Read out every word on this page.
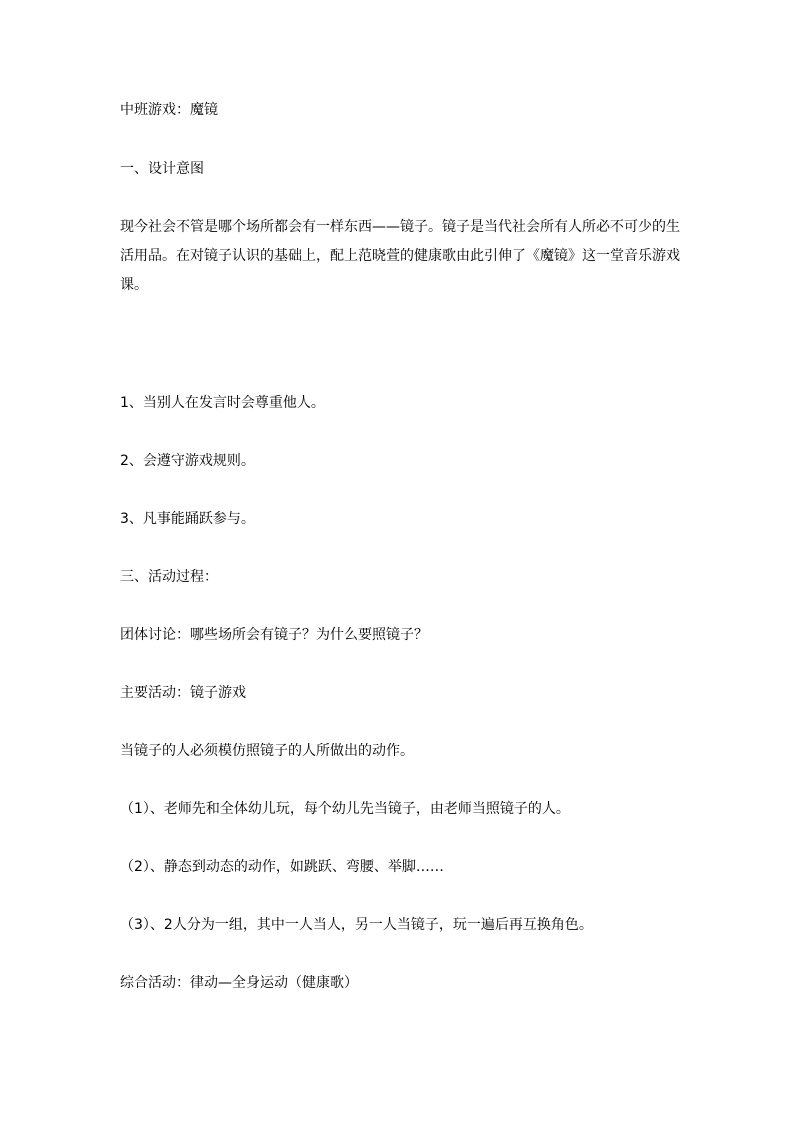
中班游戏：魔镜
一、设计意图
现今社会不管是哪个场所都会有一样东西——镜子。镜子是当代社会所有人所必不可少的生
活用品。在对镜子认识的基础上，配上范晓萱的健康歌由此引伸了《魔镜》这一堂音乐游戏
课。
1、当别人在发言时会尊重他人。
2、会遵守游戏规则。
3、凡事能踊跃参与。
三、活动过程：
团体讨论：哪些场所会有镜子？为什么要照镜子？
主要活动：镜子游戏
当镜子的人必须模仿照镜子的人所做出的动作。
（1）、老师先和全体幼儿玩，每个幼儿先当镜子，由老师当照镜子的人。
（2）、静态到动态的动作，如跳跃、弯腰、举脚……
（3）、2人分为一组，其中一人当人，另一人当镜子，玩一遍后再互换角色。
综合活动：律动—全身运动（健康歌）
